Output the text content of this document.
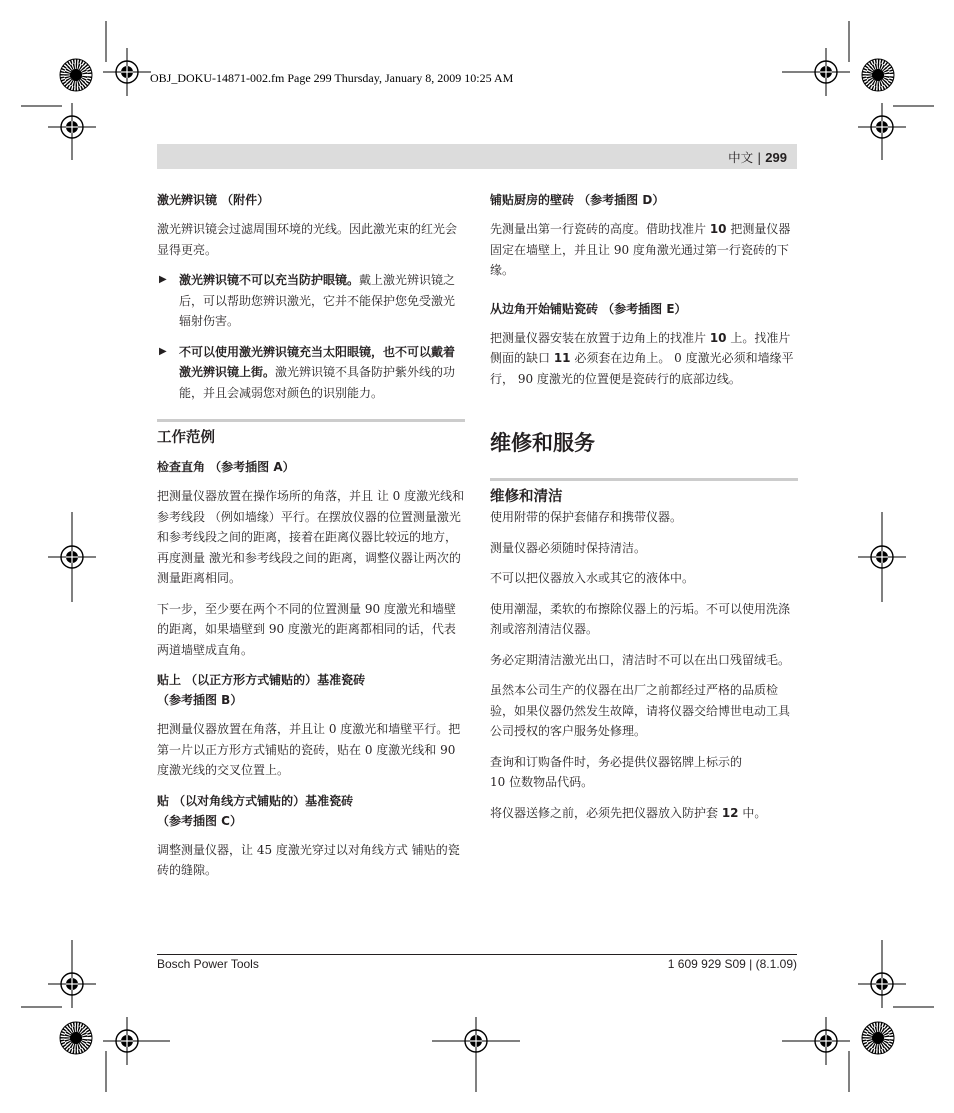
OBJ_DOKU-14871-002.fm Page 299 Thursday, January 8, 2009 10:25 AM
中文 | 299
激光辨识镜 （附件）

激光辨识镜会过滤周围环境的光线。因此激光束的红光会显得更亮。

▶ 激光辨识镜不可以充当防护眼镜。戴上激光辨识镜之后，可以帮助您辨识激光，它并不能保护您免受激光辐射伤害。
▶ 不可以使用激光辨识镜充当太阳眼镜，也不可以戴着激光辨识镜上街。激光辨识镜不具备防护紫外线的功能，并且会减弱您对颜色的识别能力。
工作范例
检查直角 （参考插图 A）

把测量仪器放置在操作场所的角落，并且 让 0 度激光线和参考线段 （例如墙缘）平行。在摆放仪器的位置测量激光和参考线段之间的距离，接着在距离仪器比较远的地方，再度测量 激光和参考线段之间的距离，调整仪器让两次的测量距离相同。

下一步，至少要在两个不同的位置测量 90 度激光和墙壁的距离，如果墙壁到 90 度激光的距离都相同的话，代表两道墙壁成直角。

贴上 （以正方形方式铺贴的）基准瓷砖
（参考插图 B）

把测量仪器放置在角落，并且让 0 度激光和墙壁平行。把第一片以正方形方式铺贴的瓷砖，贴在 0 度激光线和 90 度激光线的交叉位置上。

贴 （以对角线方式铺贴的）基准瓷砖
（参考插图 C）

调整测量仪器，让 45 度激光穿过以对角线方式 铺贴的瓷砖的缝隙。

铺贴厨房的壁砖 （参考插图 D）

先测量出第一行瓷砖的高度。借助找准片 10 把测量仪器固定在墙壁上，并且让 90 度角激光通过第一行瓷砖的下缘。

从边角开始铺贴瓷砖 （参考插图 E）

把测量仪器安装在放置于边角上的找准片 10 上。找准片侧面的缺口 11 必须套在边角上。 0 度激光必须和墙缘平行， 90 度激光的位置便是瓷砖行的底部边线。

维修和服务
维修和清洁

使用附带的保护套储存和携带仪器。

测量仪器必须随时保持清洁。

不可以把仪器放入水或其它的液体中。

使用潮湿，柔软的布擦除仪器上的污垢。不可以使用洗涤剂或溶剂清洁仪器。

务必定期清洁激光出口，清洁时不可以在出口残留绒毛。

虽然本公司生产的仪器在出厂之前都经过严格的品质检验，如果仪器仍然发生故障，请将仪器交给博世电动工具公司授权的客户服务处修理。

查询和订购备件时，务必提供仪器铭牌上标示的
10 位数物品代码。

将仪器送修之前，必须先把仪器放入防护套 12 中。

Bosch Power Tools	1 609 929 S09 | (8.1.09)
